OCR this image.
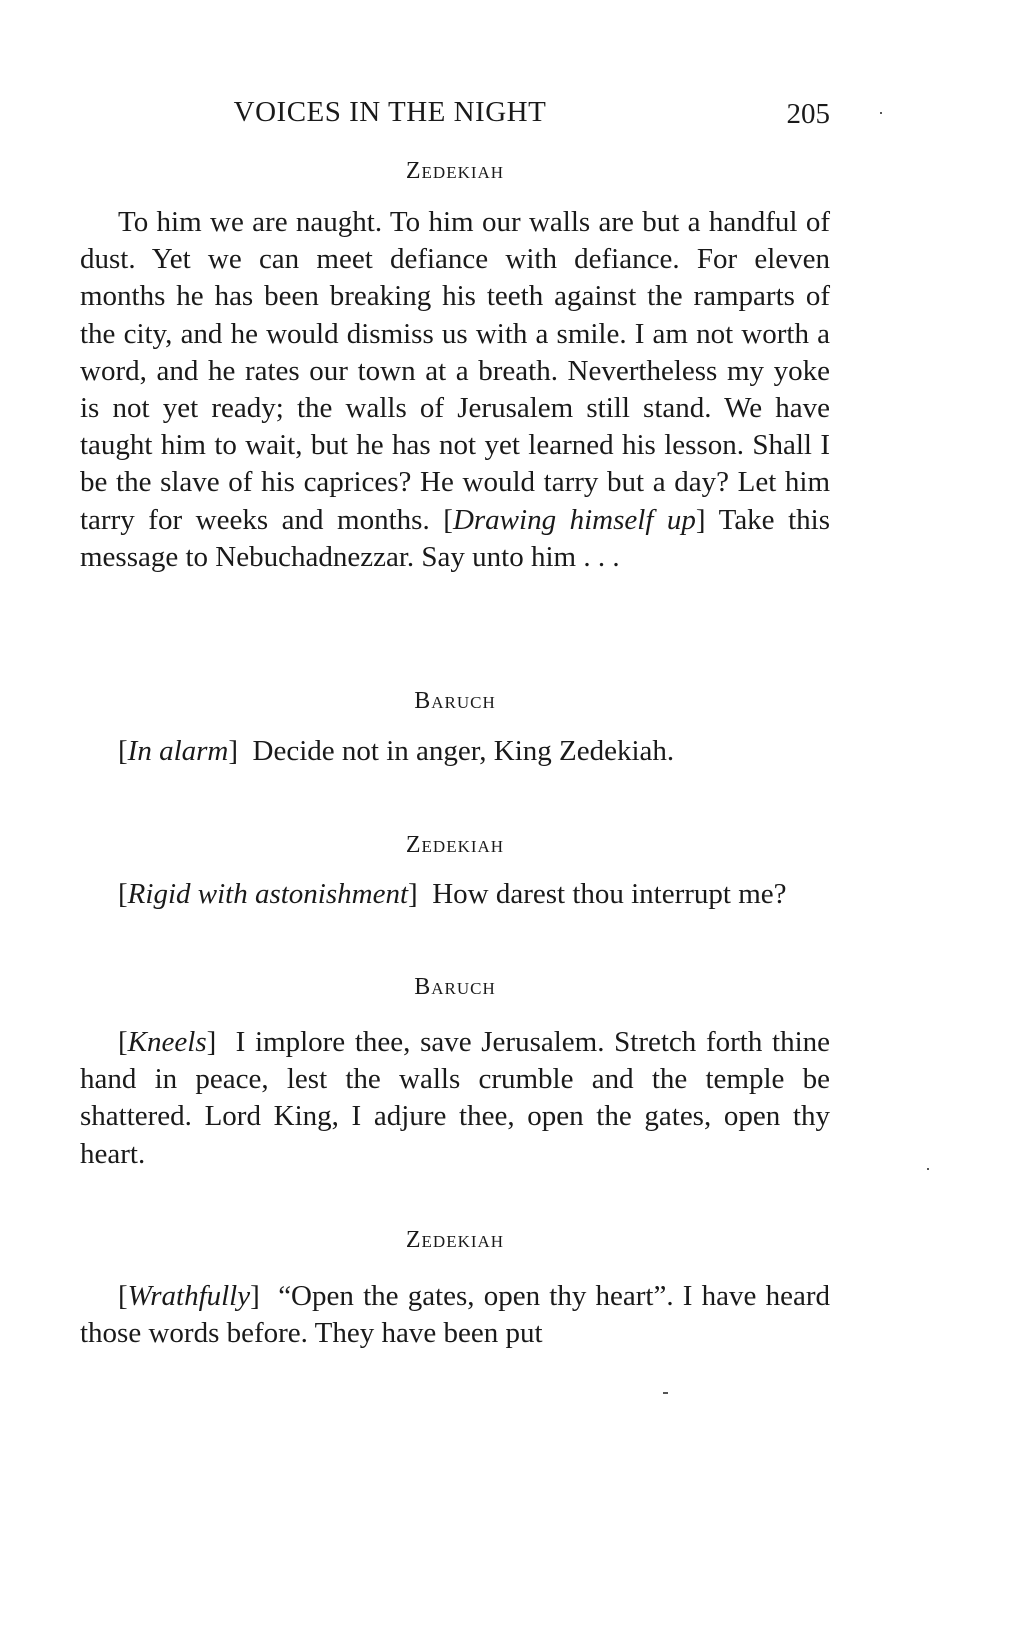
VOICES IN THE NIGHT	205
Zedekiah

To him we are naught. To him our walls are but a handful of dust. Yet we can meet defiance with defiance. For eleven months he has been breaking his teeth against the ramparts of the city, and he would dismiss us with a smile. I am not worth a word, and he rates our town at a breath. Nevertheless my yoke is not yet ready; the walls of Jerusalem still stand. We have taught him to wait, but he has not yet learned his lesson. Shall I be the slave of his caprices? He would tarry but a day? Let him tarry for weeks and months. [Drawing himself up] Take this message to Nebuchadnezzar. Say unto him . . .

Baruch

[In alarm] Decide not in anger, King Zedekiah.

Zedekiah

[Rigid with astonishment] How darest thou interrupt me?

Baruch

[Kneels] I implore thee, save Jerusalem. Stretch forth thine hand in peace, lest the walls crumble and the temple be shattered. Lord King, I adjure thee, open the gates, open thy heart.

Zedekiah

[Wrathfully] “Open the gates, open thy heart”. I have heard those words before. They have been put
